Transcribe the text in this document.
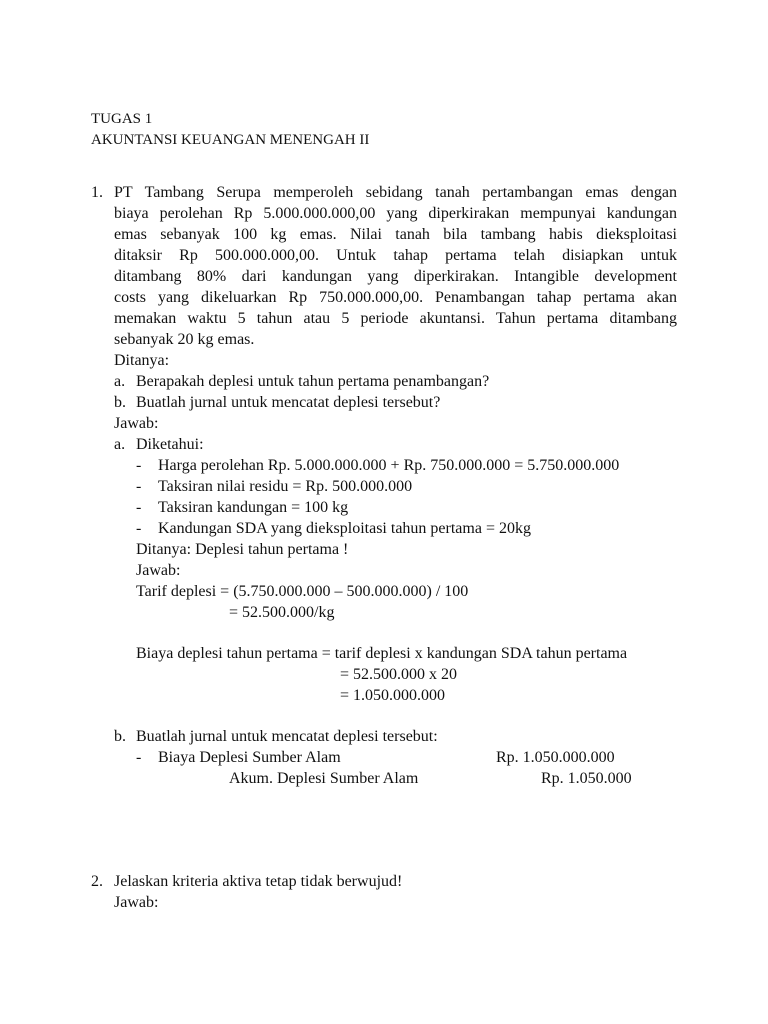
TUGAS 1
AKUNTANSI KEUANGAN MENENGAH II
1. PT Tambang Serupa memperoleh sebidang tanah pertambangan emas dengan
biaya perolehan Rp 5.000.000.000,00 yang diperkirakan mempunyai kandungan
emas sebanyak 100 kg emas. Nilai tanah bila tambang habis dieksploitasi
ditaksir Rp 500.000.000,00. Untuk tahap pertama telah disiapkan untuk
ditambang 80% dari kandungan yang diperkirakan. Intangible development
costs yang dikeluarkan Rp 750.000.000,00. Penambangan tahap pertama akan
memakan waktu 5 tahun atau 5 periode akuntansi. Tahun pertama ditambang
sebanyak 20 kg emas.
Ditanya:
a. Berapakah deplesi untuk tahun pertama penambangan?
b. Buatlah jurnal untuk mencatat deplesi tersebut?
Jawab:
a. Diketahui:
- Harga perolehan Rp. 5.000.000.000 + Rp. 750.000.000 = 5.750.000.000
- Taksiran nilai residu = Rp. 500.000.000
- Taksiran kandungan = 100 kg
- Kandungan SDA yang dieksploitasi tahun pertama = 20kg
Ditanya: Deplesi tahun pertama !
Jawab:
Tarif deplesi = (5.750.000.000 – 500.000.000) / 100
= 52.500.000/kg
Biaya deplesi tahun pertama = tarif deplesi x kandungan SDA tahun pertama
= 52.500.000 x 20
= 1.050.000.000
b. Buatlah jurnal untuk mencatat deplesi tersebut:
- Biaya Deplesi Sumber Alam	Rp. 1.050.000.000
Akum. Deplesi Sumber Alam	Rp. 1.050.000
2. Jelaskan kriteria aktiva tetap tidak berwujud!
Jawab:
